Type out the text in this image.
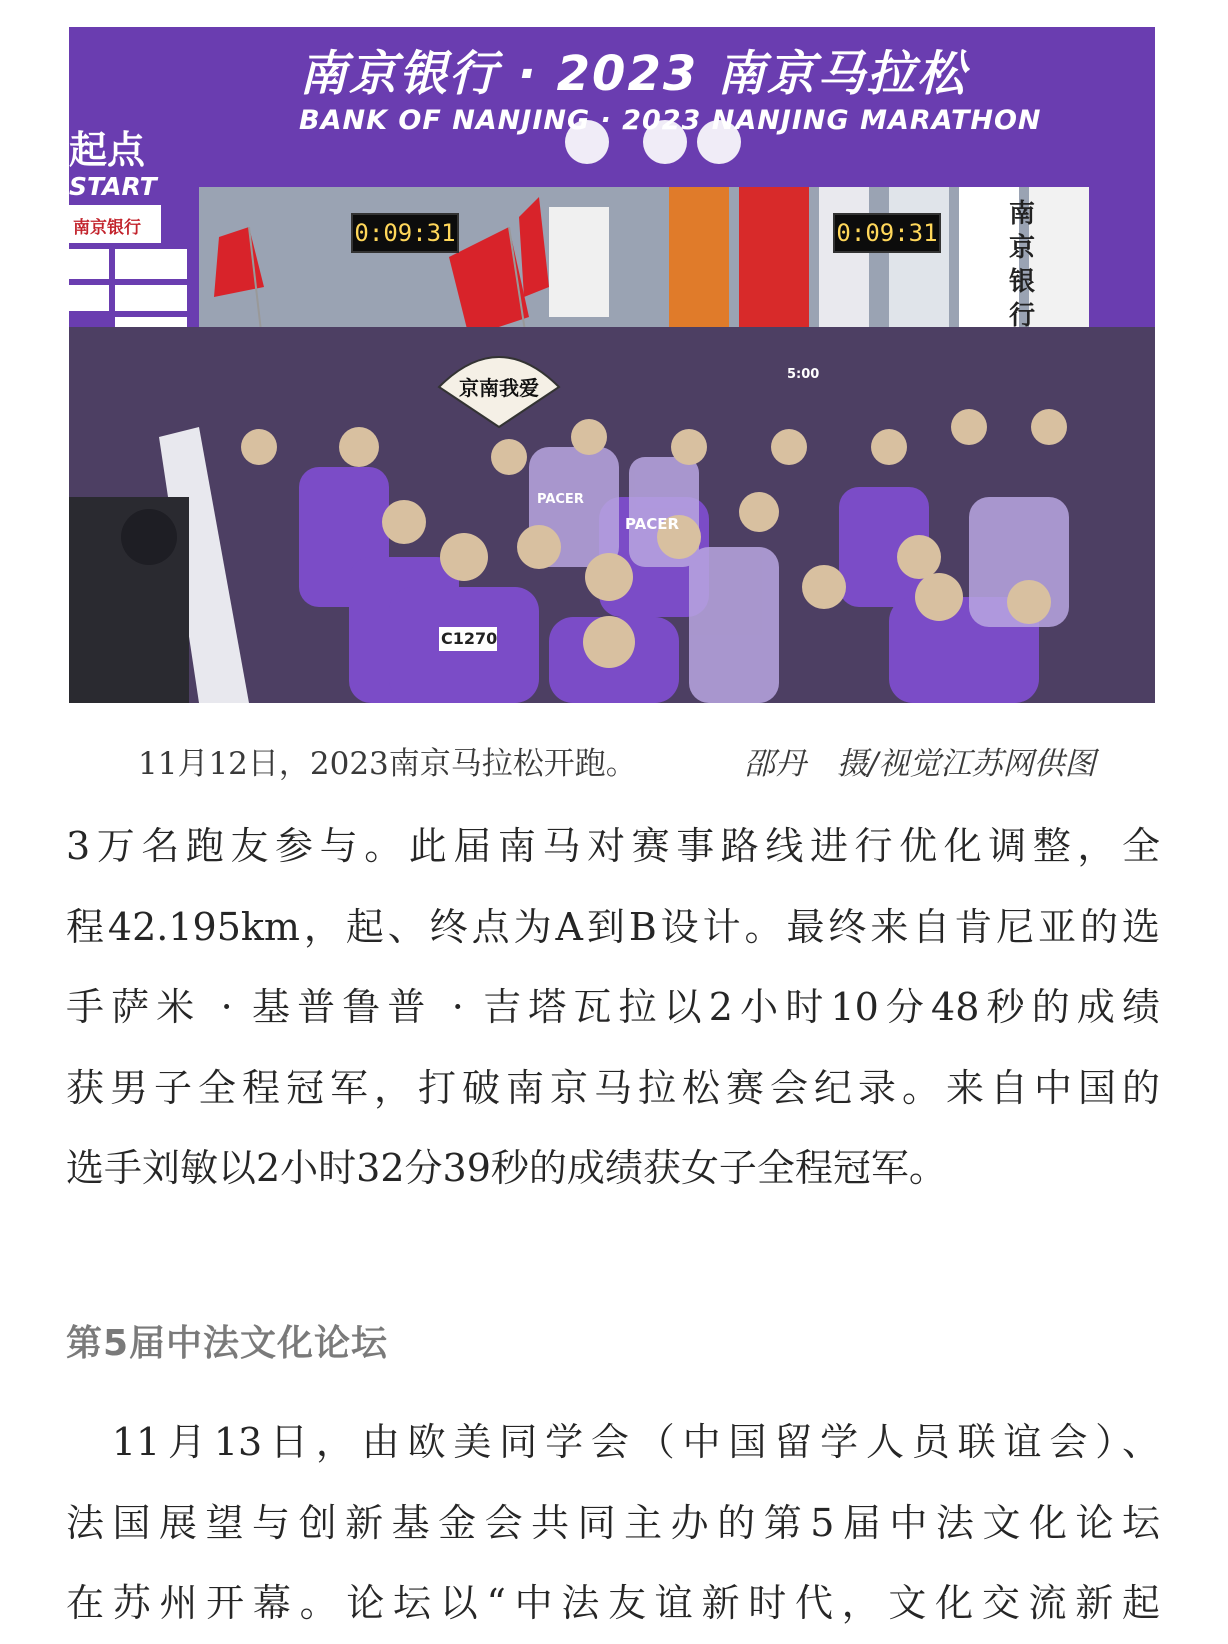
南京银行 · 2023 南京马拉松
BANK OF NANJING · 2023 NANJING MARATHON
起点
START
0:09:31	0:09:31
南京银行
C1270
PACER
PACER
京南我爱
5:00
南京银行
11月12日，2023南京马拉松开跑。	邵丹　摄/视觉江苏网供图
3万名跑友参与。此届南马对赛事路线进行优化调整，全
程42.195km，起、终点为A到B设计。最终来自肯尼亚的选
手萨米 · 基普鲁普 · 吉塔瓦拉以2小时10分48秒的成绩
获男子全程冠军，打破南京马拉松赛会纪录。来自中国的
选手刘敏以2小时32分39秒的成绩获女子全程冠军。
第5届中法文化论坛
　11月13日，由欧美同学会（中国留学人员联谊会）、
法国展望与创新基金会共同主办的第5届中法文化论坛
在苏州开幕。论坛以“中法友谊新时代，文化交流新起
